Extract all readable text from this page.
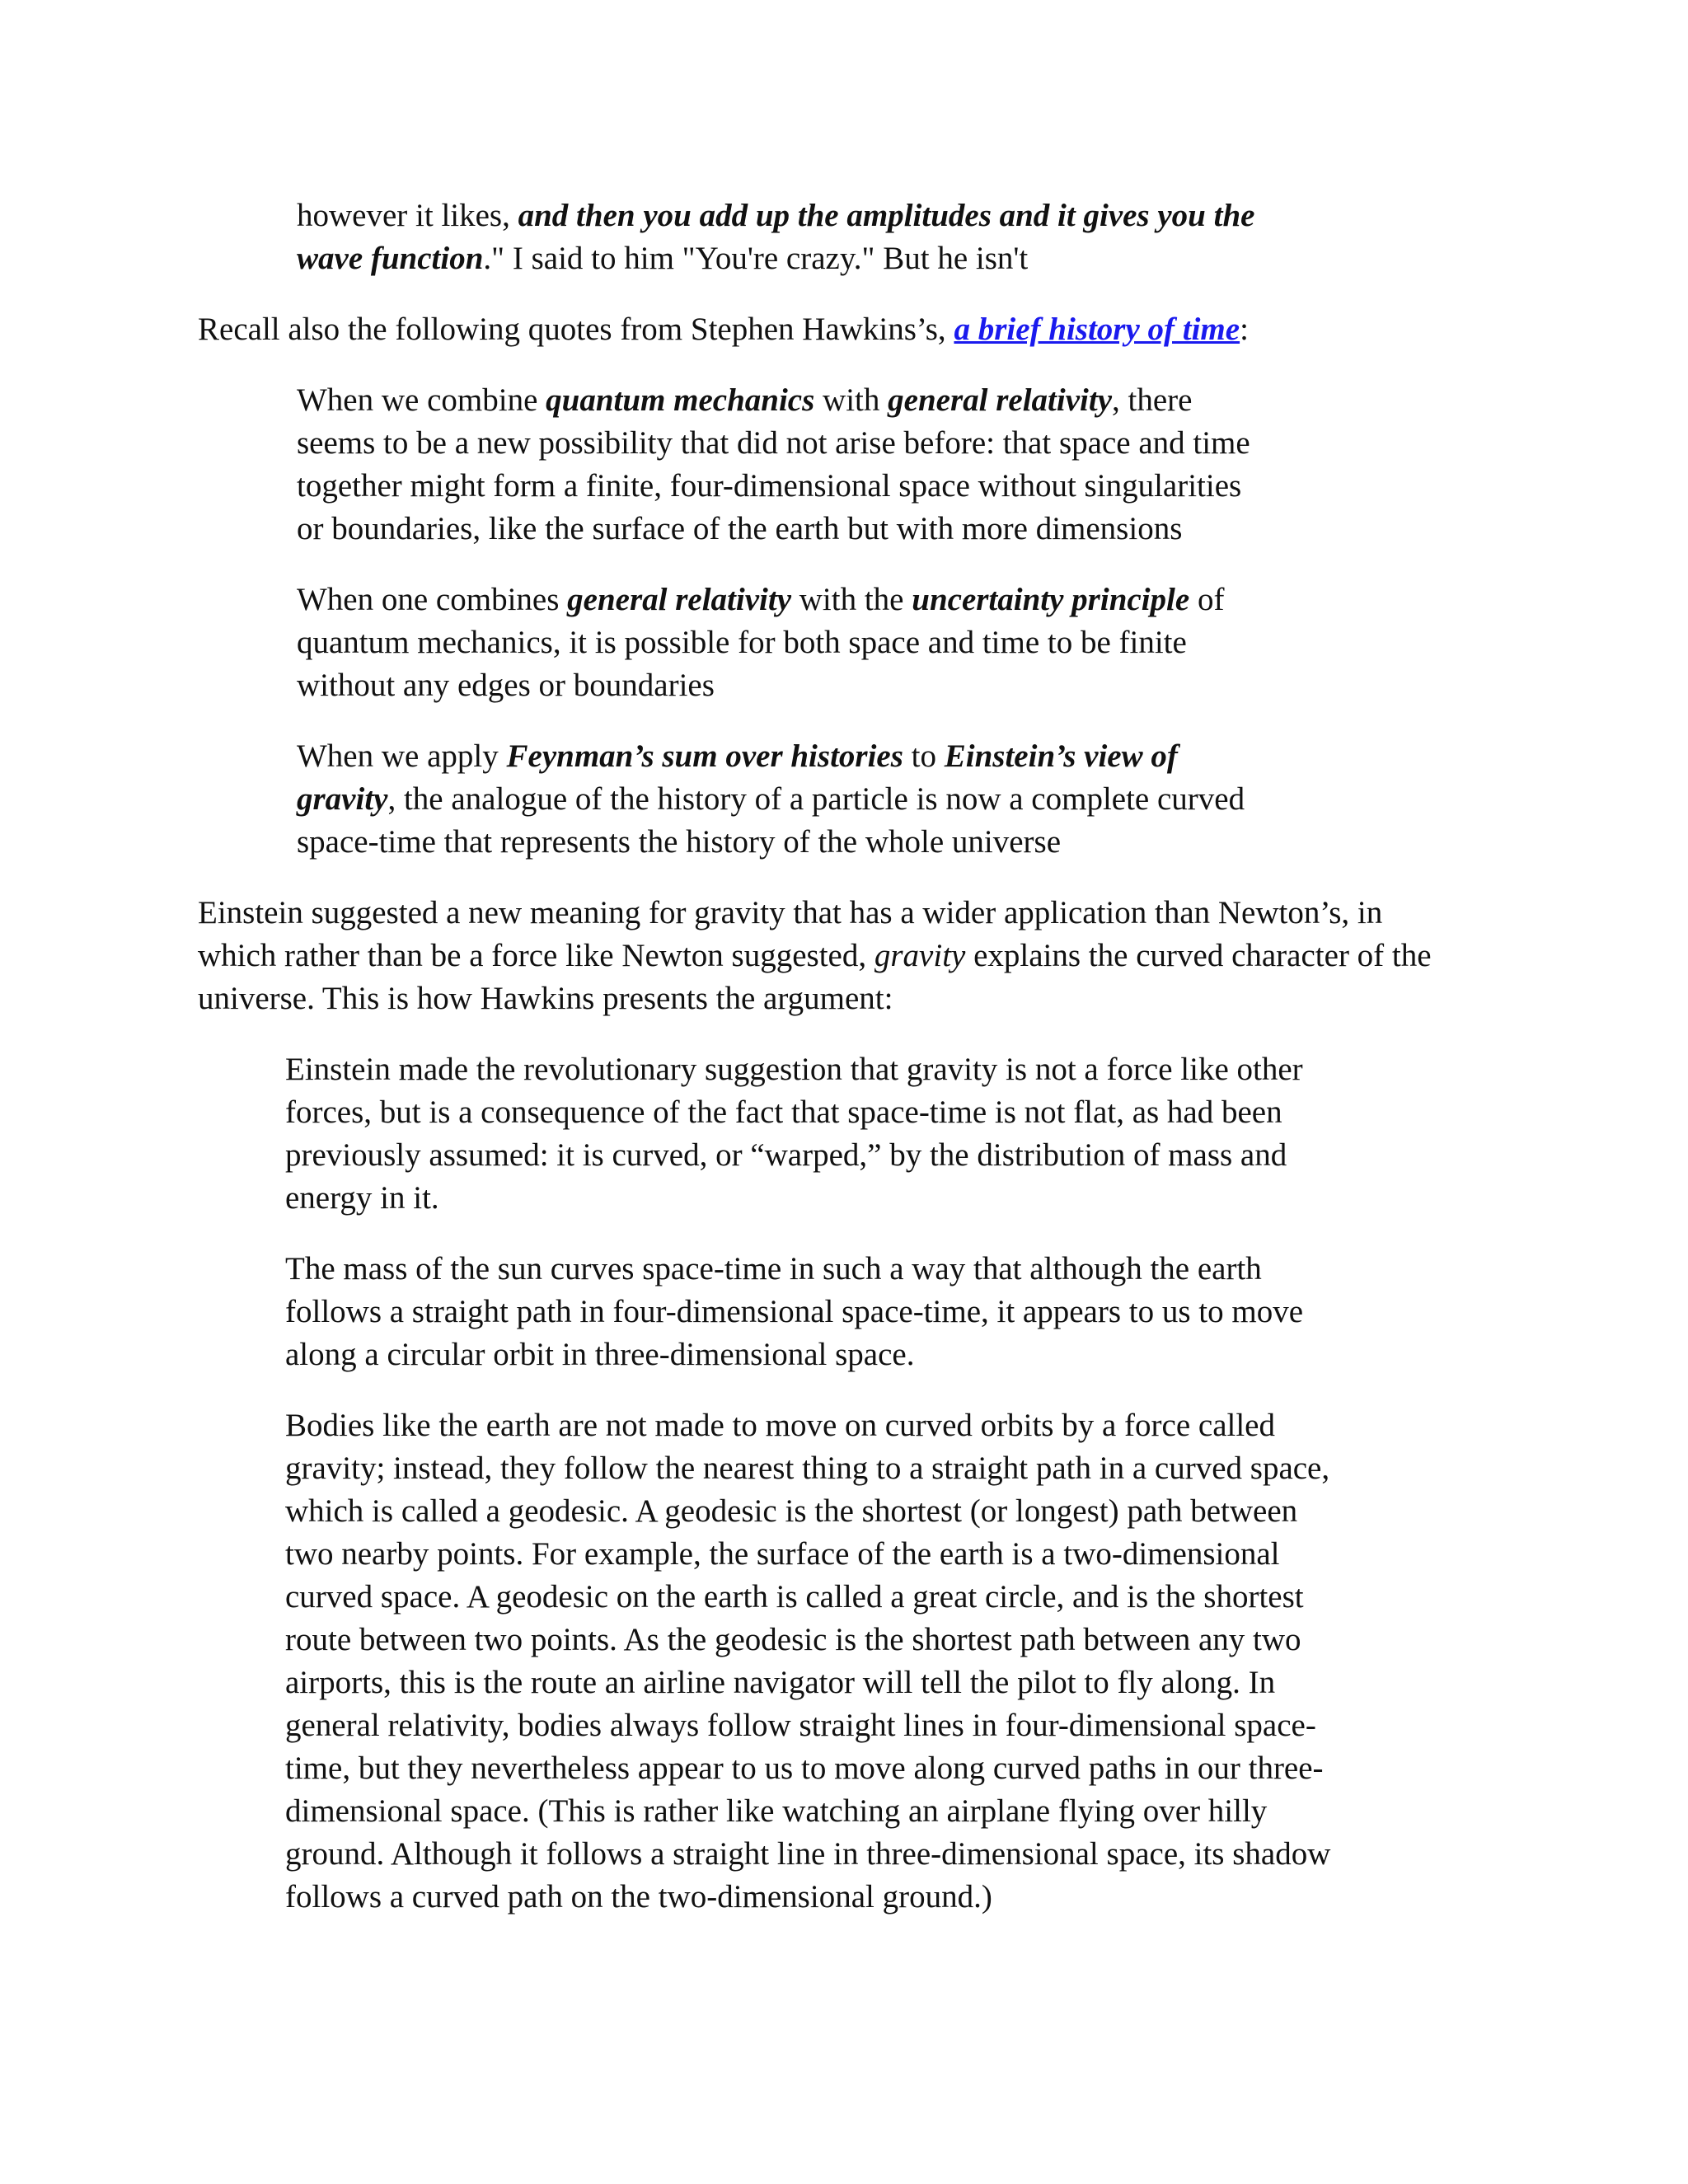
however it likes, and then you add up the amplitudes and it gives you the
wave function." I said to him "You're crazy." But he isn't
Recall also the following quotes from Stephen Hawkins’s, a brief history of time:
When we combine quantum mechanics with general relativity, there
seems to be a new possibility that did not arise before: that space and time
together might form a finite, four-dimensional space without singularities
or boundaries, like the surface of the earth but with more dimensions
When one combines general relativity with the uncertainty principle of
quantum mechanics, it is possible for both space and time to be finite
without any edges or boundaries
When we apply Feynman’s sum over histories to Einstein’s view of
gravity, the analogue of the history of a particle is now a complete curved
space-time that represents the history of the whole universe
Einstein suggested a new meaning for gravity that has a wider application than Newton’s, in
which rather than be a force like Newton suggested, gravity explains the curved character of the
universe. This is how Hawkins presents the argument:
Einstein made the revolutionary suggestion that gravity is not a force like other
forces, but is a consequence of the fact that space-time is not flat, as had been
previously assumed: it is curved, or “warped,” by the distribution of mass and
energy in it.
The mass of the sun curves space-time in such a way that although the earth
follows a straight path in four-dimensional space-time, it appears to us to move
along a circular orbit in three-dimensional space.
Bodies like the earth are not made to move on curved orbits by a force called
gravity; instead, they follow the nearest thing to a straight path in a curved space,
which is called a geodesic. A geodesic is the shortest (or longest) path between
two nearby points. For example, the surface of the earth is a two-dimensional
curved space. A geodesic on the earth is called a great circle, and is the shortest
route between two points. As the geodesic is the shortest path between any two
airports, this is the route an airline navigator will tell the pilot to fly along. In
general relativity, bodies always follow straight lines in four-dimensional space-
time, but they nevertheless appear to us to move along curved paths in our three-
dimensional space. (This is rather like watching an airplane flying over hilly
ground. Although it follows a straight line in three-dimensional space, its shadow
follows a curved path on the two-dimensional ground.)
